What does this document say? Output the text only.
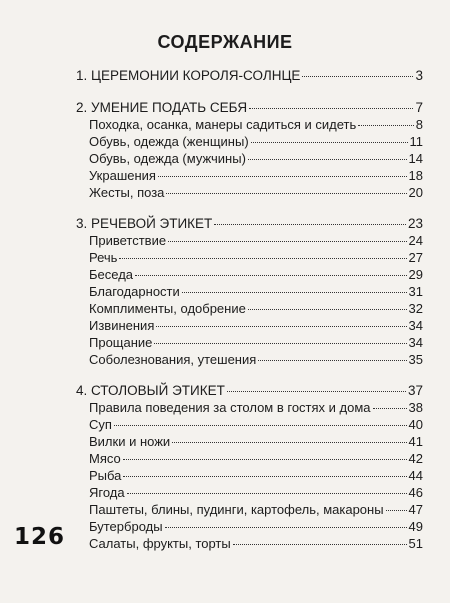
СОДЕРЖАНИЕ
1. ЦЕРЕМОНИИ КОРОЛЯ-СОЛНЦЕ	3
2. УМЕНИЕ ПОДАТЬ СЕБЯ	7
Походка, осанка, манеры садиться и сидеть	8
Обувь, одежда (женщины)	11
Обувь, одежда (мужчины)	14
Украшения	18
Жесты, поза	20
3. РЕЧЕВОЙ ЭТИКЕТ	23
Приветствие	24
Речь	27
Беседа	29
Благодарности	31
Комплименты, одобрение	32
Извинения	34
Прощание	34
Соболезнования, утешения	35
4. СТОЛОВЫЙ ЭТИКЕТ	37
Правила поведения за столом в гостях и дома	38
Суп	40
Вилки и ножи	41
Мясо	42
Рыба	44
Ягода	46
Паштеты, блины, пудинги, картофель, макароны 47
Бутерброды	49
Салаты, фрукты, торты	51
126
